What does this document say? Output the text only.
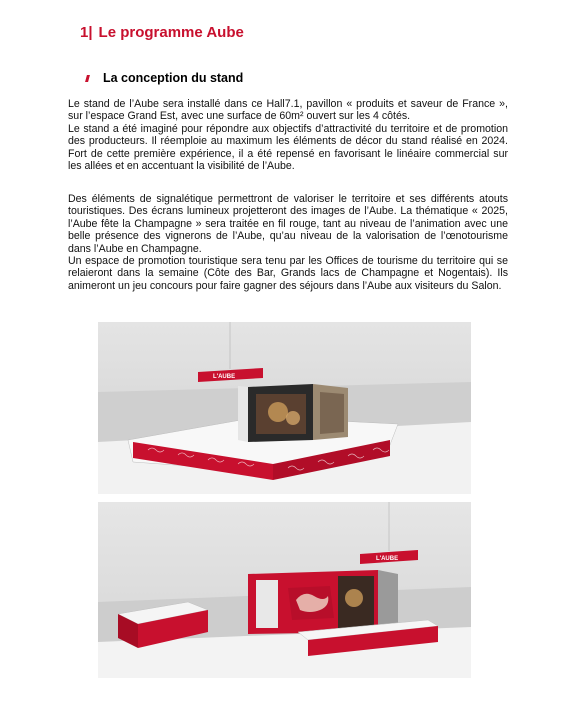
1| Le programme Aube
La conception du stand

Le stand de l’Aube sera installé dans ce Hall7.1, pavillon « produits et saveur de France », sur l’espace Grand Est, avec une surface de 60m² ouvert sur les 4 côtés.

Le stand a été imaginé pour répondre aux objectifs d’attractivité du territoire et de promotion des producteurs. Il réemploie au maximum les éléments de décor du stand réalisé en 2024. Fort de cette première expérience, il a été repensé en favorisant le linéaire commercial sur les allées et en accentuant la visibilité de l’Aube.

Des éléments de signalétique permettront de valoriser le territoire et ses différents atouts touristiques. Des écrans lumineux projetteront des images de l’Aube. La thématique « 2025, l’Aube fête la Champagne » sera traitée en fil rouge, tant au niveau de l’animation avec une belle présence des vignerons de l’Aube, qu’au niveau de la valorisation de l’œnotourisme dans l’Aube en Champagne.

Un espace de promotion touristique sera tenu par les Offices de tourisme du territoire qui se relaieront dans la semaine (Côte des Bar, Grands lacs de Champagne et Nogentais). Ils animeront un jeu concours pour faire gagner des séjours dans l’Aube aux visiteurs du Salon.

L'AUBE
L'AUBE
